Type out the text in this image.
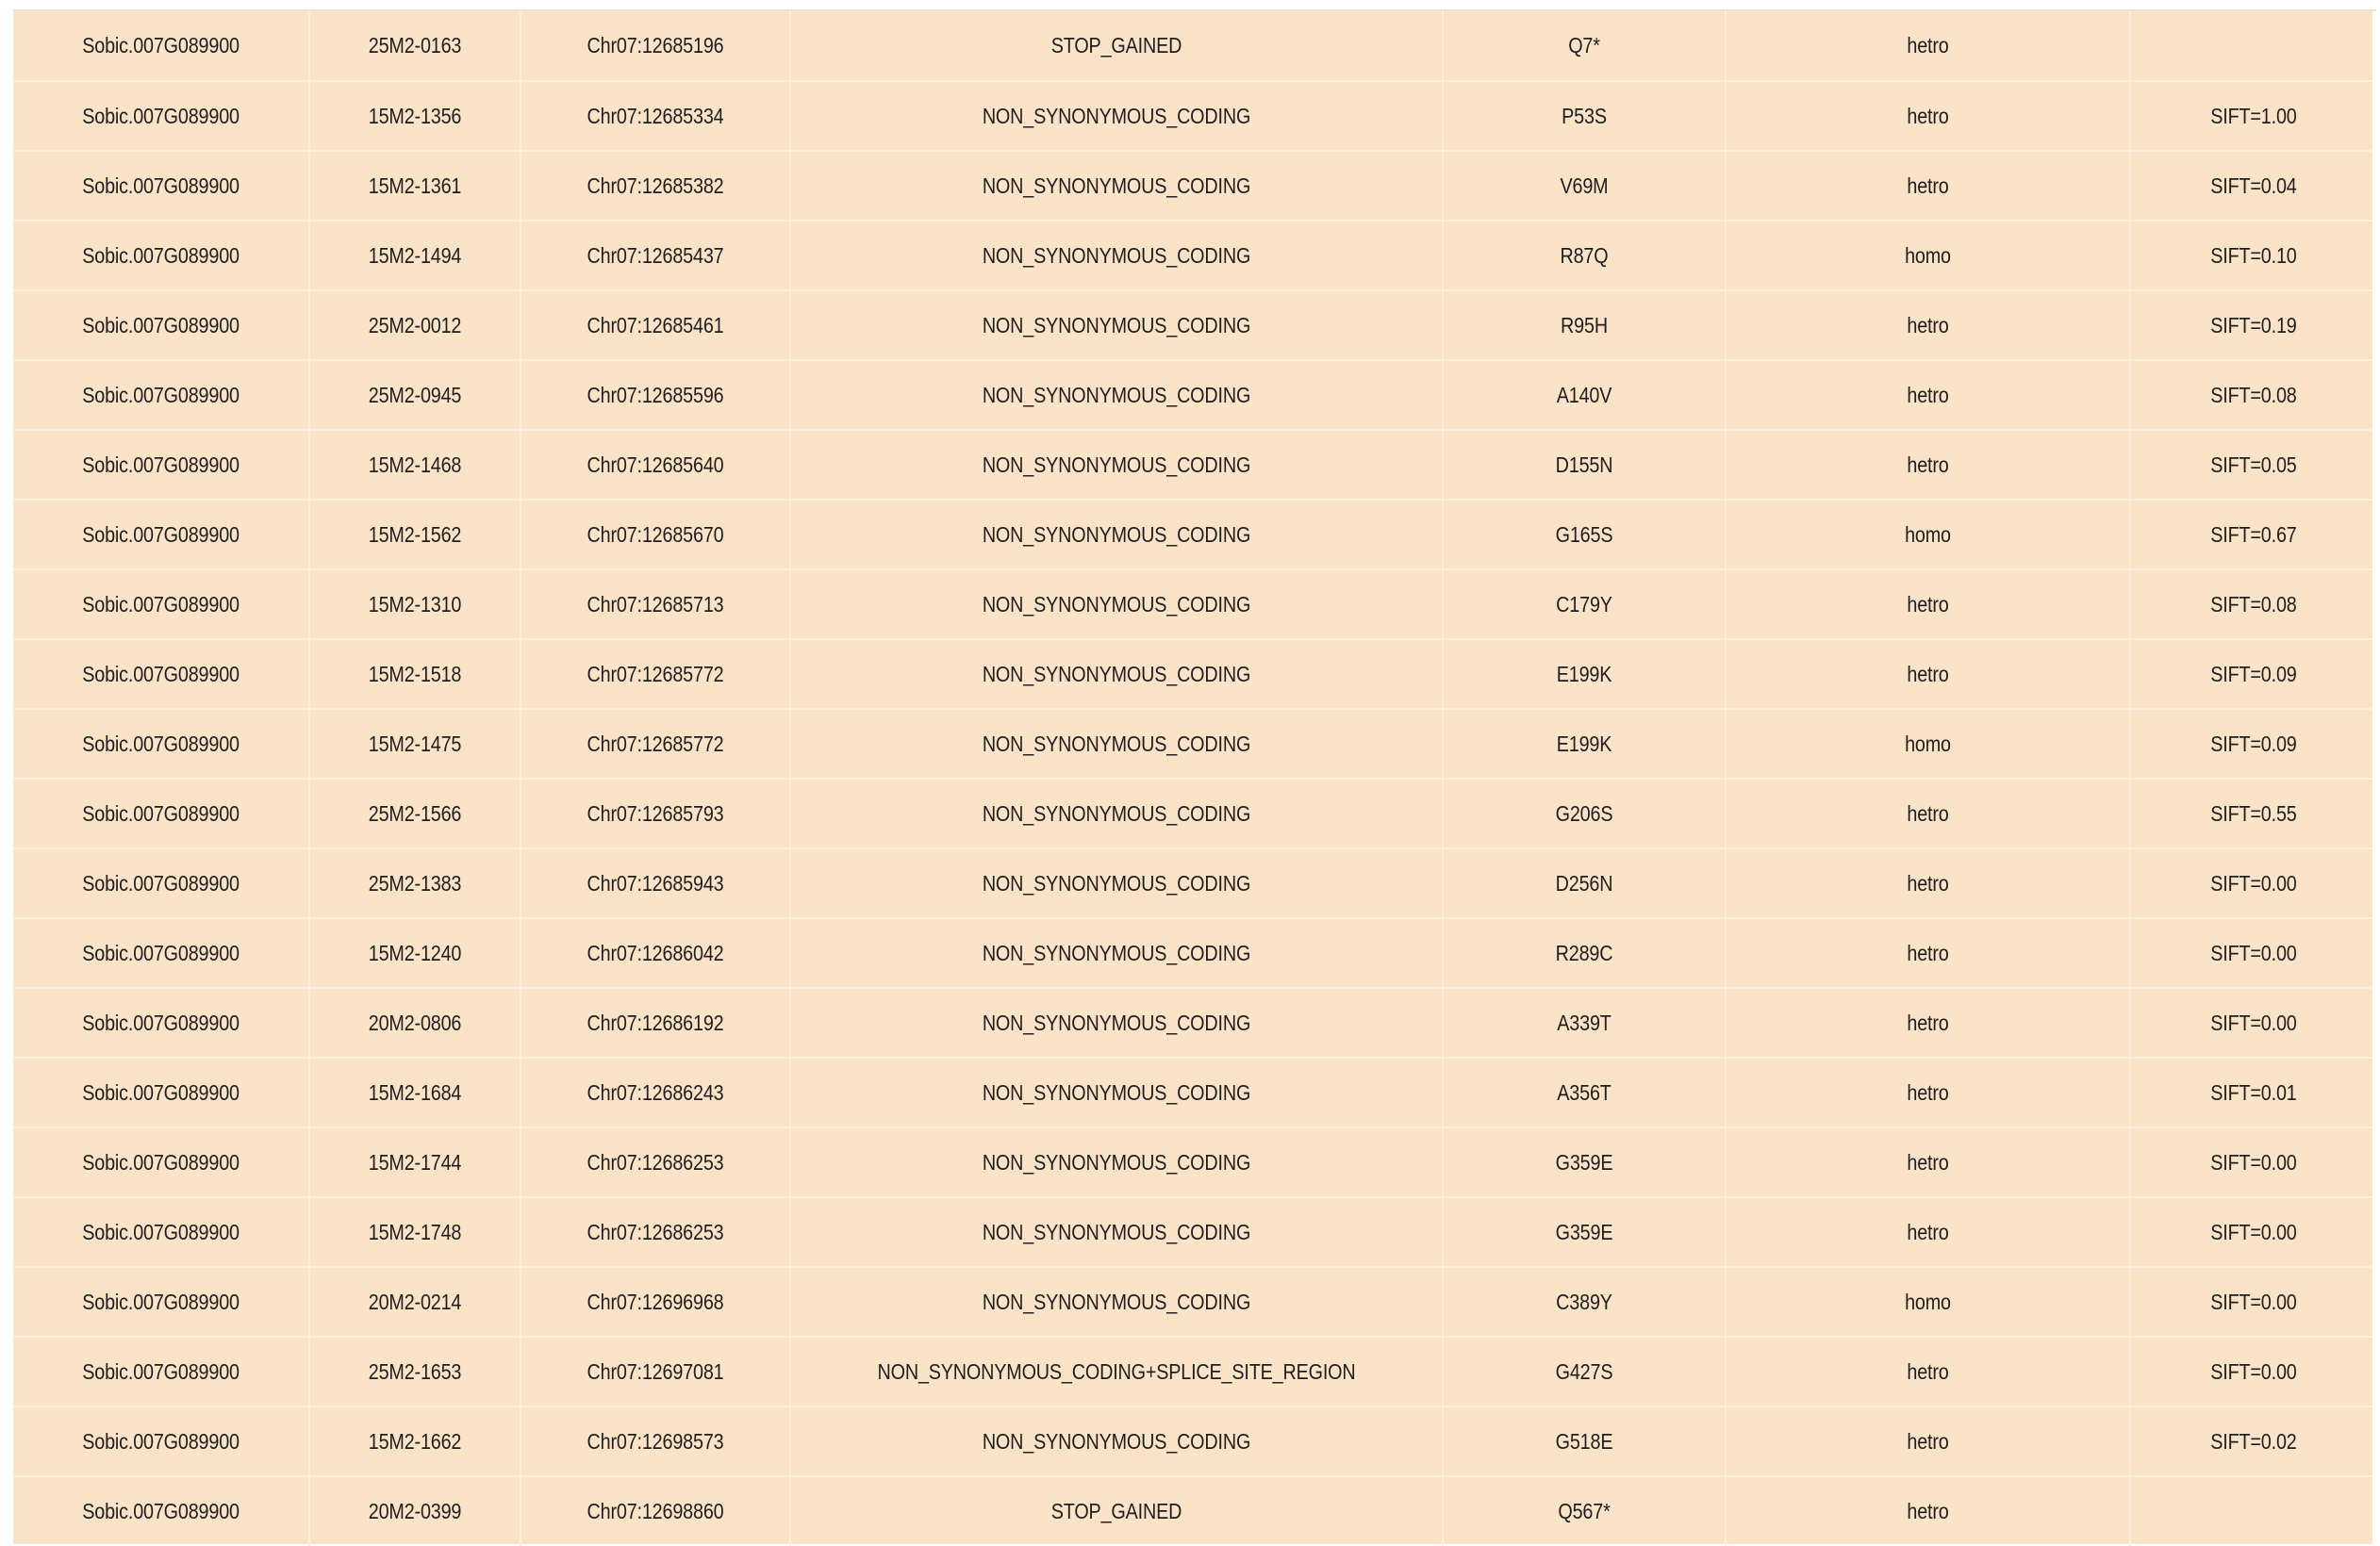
Sobic.007G089900	25M2-0163	Chr07:12685196	STOP_GAINED	Q7*	hetro	
Sobic.007G089900	15M2-1356	Chr07:12685334	NON_SYNONYMOUS_CODING	P53S	hetro	SIFT=1.00
Sobic.007G089900	15M2-1361	Chr07:12685382	NON_SYNONYMOUS_CODING	V69M	hetro	SIFT=0.04
Sobic.007G089900	15M2-1494	Chr07:12685437	NON_SYNONYMOUS_CODING	R87Q	homo	SIFT=0.10
Sobic.007G089900	25M2-0012	Chr07:12685461	NON_SYNONYMOUS_CODING	R95H	hetro	SIFT=0.19
Sobic.007G089900	25M2-0945	Chr07:12685596	NON_SYNONYMOUS_CODING	A140V	hetro	SIFT=0.08
Sobic.007G089900	15M2-1468	Chr07:12685640	NON_SYNONYMOUS_CODING	D155N	hetro	SIFT=0.05
Sobic.007G089900	15M2-1562	Chr07:12685670	NON_SYNONYMOUS_CODING	G165S	homo	SIFT=0.67
Sobic.007G089900	15M2-1310	Chr07:12685713	NON_SYNONYMOUS_CODING	C179Y	hetro	SIFT=0.08
Sobic.007G089900	15M2-1518	Chr07:12685772	NON_SYNONYMOUS_CODING	E199K	hetro	SIFT=0.09
Sobic.007G089900	15M2-1475	Chr07:12685772	NON_SYNONYMOUS_CODING	E199K	homo	SIFT=0.09
Sobic.007G089900	25M2-1566	Chr07:12685793	NON_SYNONYMOUS_CODING	G206S	hetro	SIFT=0.55
Sobic.007G089900	25M2-1383	Chr07:12685943	NON_SYNONYMOUS_CODING	D256N	hetro	SIFT=0.00
Sobic.007G089900	15M2-1240	Chr07:12686042	NON_SYNONYMOUS_CODING	R289C	hetro	SIFT=0.00
Sobic.007G089900	20M2-0806	Chr07:12686192	NON_SYNONYMOUS_CODING	A339T	hetro	SIFT=0.00
Sobic.007G089900	15M2-1684	Chr07:12686243	NON_SYNONYMOUS_CODING	A356T	hetro	SIFT=0.01
Sobic.007G089900	15M2-1744	Chr07:12686253	NON_SYNONYMOUS_CODING	G359E	hetro	SIFT=0.00
Sobic.007G089900	15M2-1748	Chr07:12686253	NON_SYNONYMOUS_CODING	G359E	hetro	SIFT=0.00
Sobic.007G089900	20M2-0214	Chr07:12696968	NON_SYNONYMOUS_CODING	C389Y	homo	SIFT=0.00
Sobic.007G089900	25M2-1653	Chr07:12697081	NON_SYNONYMOUS_CODING+SPLICE_SITE_REGION	G427S	hetro	SIFT=0.00
Sobic.007G089900	15M2-1662	Chr07:12698573	NON_SYNONYMOUS_CODING	G518E	hetro	SIFT=0.02
Sobic.007G089900	20M2-0399	Chr07:12698860	STOP_GAINED	Q567*	hetro	
